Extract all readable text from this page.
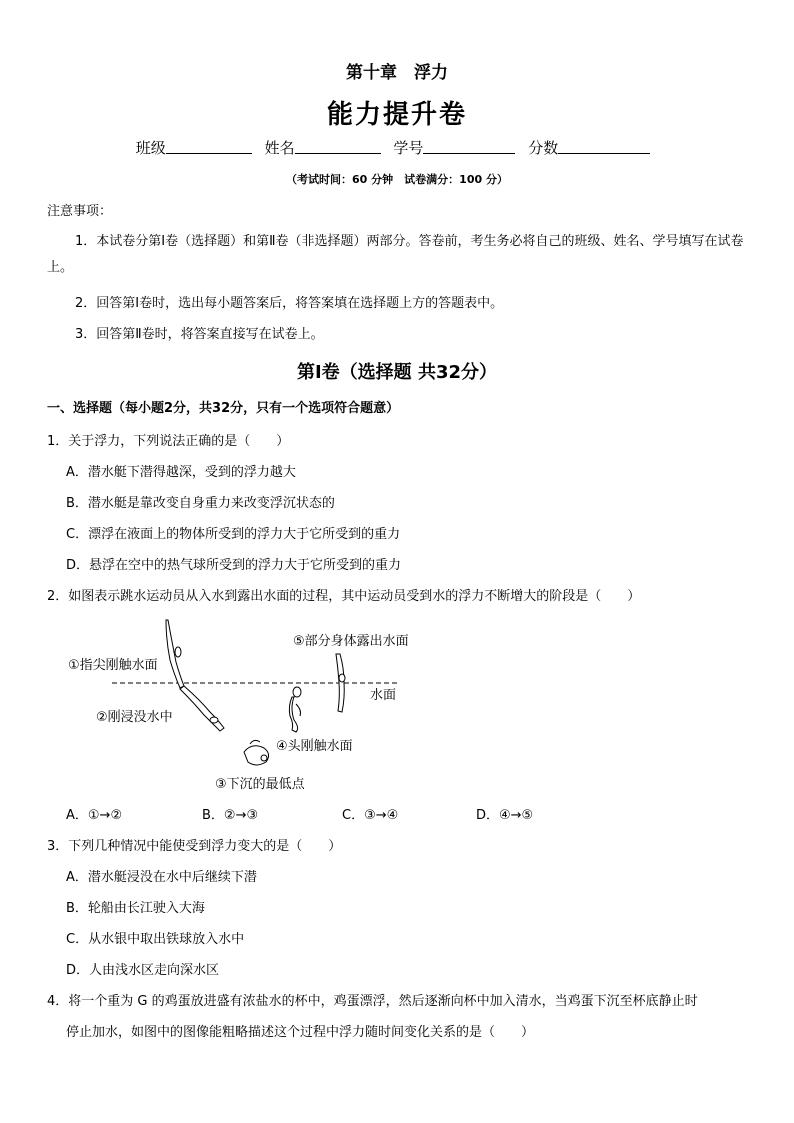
第十章　浮力
能力提升卷
班级	姓名	学号	分数
（考试时间：60 分钟　试卷满分：100 分）
注意事项：
1．本试卷分第Ⅰ卷（选择题）和第Ⅱ卷（非选择题）两部分。答卷前，考生务必将自己的班级、姓名、学号填写在试卷上。
2．回答第Ⅰ卷时，选出每小题答案后，将答案填在选择题上方的答题表中。
3．回答第Ⅱ卷时，将答案直接写在试卷上。
第Ⅰ卷（选择题 共32分）
一、选择题（每小题2分，共32分，只有一个选项符合题意）
1．关于浮力，下列说法正确的是（　　）
A．潜水艇下潜得越深，受到的浮力越大
B．潜水艇是靠改变自身重力来改变浮沉状态的
C．漂浮在液面上的物体所受到的浮力大于它所受到的重力
D．悬浮在空中的热气球所受到的浮力大于它所受到的重力
2．如图表示跳水运动员从入水到露出水面的过程，其中运动员受到水的浮力不断增大的阶段是（　　）
①指尖刚触水面
②刚浸没水中
③下沉的最低点
④头刚触水面
⑤部分身体露出水面
水面
A．①→②	B．②→③	C．③→④	D．④→⑤
3．下列几种情况中能使受到浮力变大的是（　　）
A．潜水艇浸没在水中后继续下潜
B．轮船由长江驶入大海
C．从水银中取出铁球放入水中
D．人由浅水区走向深水区
4．将一个重为 G 的鸡蛋放进盛有浓盐水的杯中，鸡蛋漂浮，然后逐渐向杯中加入清水，当鸡蛋下沉至杯底静止时
停止加水，如图中的图像能粗略描述这个过程中浮力随时间变化关系的是（　　）
